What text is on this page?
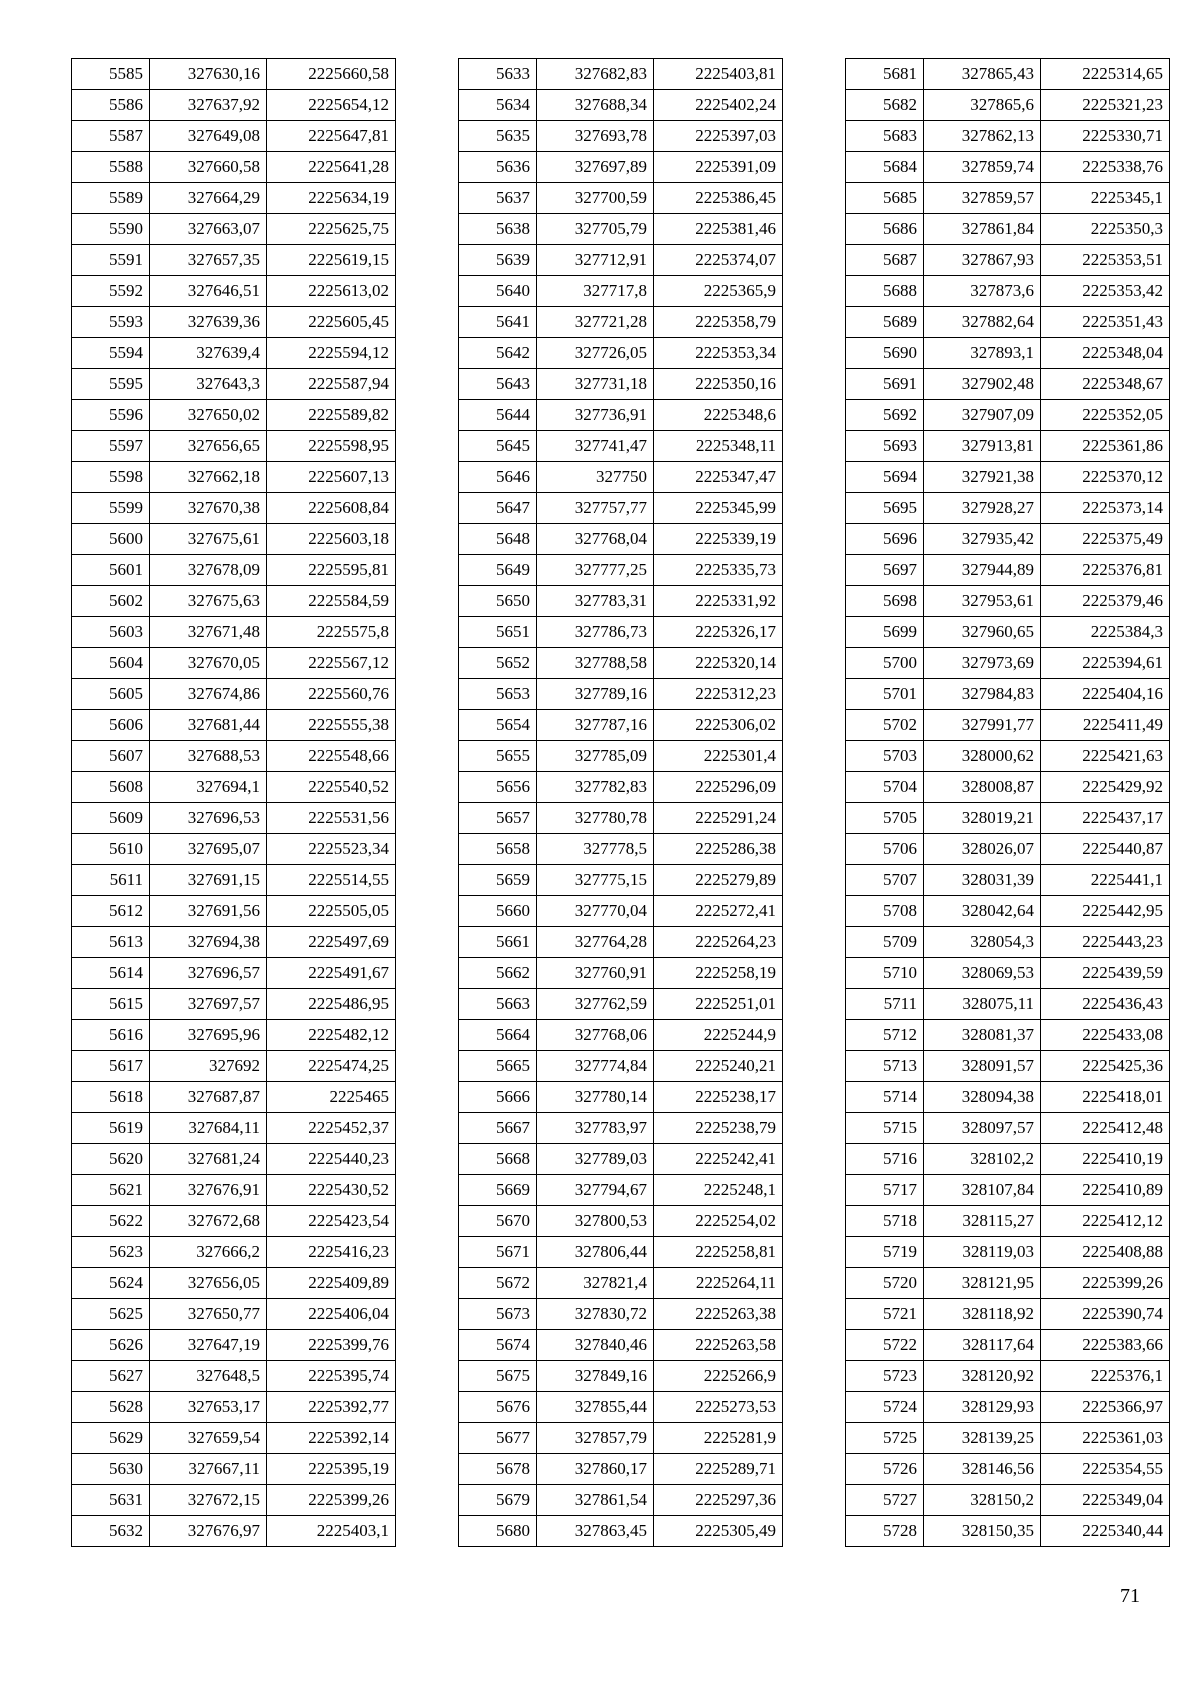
5585	327630,16	2225660,58
5586	327637,92	2225654,12
5587	327649,08	2225647,81
5588	327660,58	2225641,28
5589	327664,29	2225634,19
5590	327663,07	2225625,75
5591	327657,35	2225619,15
5592	327646,51	2225613,02
5593	327639,36	2225605,45
5594	327639,4	2225594,12
5595	327643,3	2225587,94
5596	327650,02	2225589,82
5597	327656,65	2225598,95
5598	327662,18	2225607,13
5599	327670,38	2225608,84
5600	327675,61	2225603,18
5601	327678,09	2225595,81
5602	327675,63	2225584,59
5603	327671,48	2225575,8
5604	327670,05	2225567,12
5605	327674,86	2225560,76
5606	327681,44	2225555,38
5607	327688,53	2225548,66
5608	327694,1	2225540,52
5609	327696,53	2225531,56
5610	327695,07	2225523,34
5611	327691,15	2225514,55
5612	327691,56	2225505,05
5613	327694,38	2225497,69
5614	327696,57	2225491,67
5615	327697,57	2225486,95
5616	327695,96	2225482,12
5617	327692	2225474,25
5618	327687,87	2225465
5619	327684,11	2225452,37
5620	327681,24	2225440,23
5621	327676,91	2225430,52
5622	327672,68	2225423,54
5623	327666,2	2225416,23
5624	327656,05	2225409,89
5625	327650,77	2225406,04
5626	327647,19	2225399,76
5627	327648,5	2225395,74
5628	327653,17	2225392,77
5629	327659,54	2225392,14
5630	327667,11	2225395,19
5631	327672,15	2225399,26
5632	327676,97	2225403,1
5633	327682,83	2225403,81
5634	327688,34	2225402,24
5635	327693,78	2225397,03
5636	327697,89	2225391,09
5637	327700,59	2225386,45
5638	327705,79	2225381,46
5639	327712,91	2225374,07
5640	327717,8	2225365,9
5641	327721,28	2225358,79
5642	327726,05	2225353,34
5643	327731,18	2225350,16
5644	327736,91	2225348,6
5645	327741,47	2225348,11
5646	327750	2225347,47
5647	327757,77	2225345,99
5648	327768,04	2225339,19
5649	327777,25	2225335,73
5650	327783,31	2225331,92
5651	327786,73	2225326,17
5652	327788,58	2225320,14
5653	327789,16	2225312,23
5654	327787,16	2225306,02
5655	327785,09	2225301,4
5656	327782,83	2225296,09
5657	327780,78	2225291,24
5658	327778,5	2225286,38
5659	327775,15	2225279,89
5660	327770,04	2225272,41
5661	327764,28	2225264,23
5662	327760,91	2225258,19
5663	327762,59	2225251,01
5664	327768,06	2225244,9
5665	327774,84	2225240,21
5666	327780,14	2225238,17
5667	327783,97	2225238,79
5668	327789,03	2225242,41
5669	327794,67	2225248,1
5670	327800,53	2225254,02
5671	327806,44	2225258,81
5672	327821,4	2225264,11
5673	327830,72	2225263,38
5674	327840,46	2225263,58
5675	327849,16	2225266,9
5676	327855,44	2225273,53
5677	327857,79	2225281,9
5678	327860,17	2225289,71
5679	327861,54	2225297,36
5680	327863,45	2225305,49
5681	327865,43	2225314,65
5682	327865,6	2225321,23
5683	327862,13	2225330,71
5684	327859,74	2225338,76
5685	327859,57	2225345,1
5686	327861,84	2225350,3
5687	327867,93	2225353,51
5688	327873,6	2225353,42
5689	327882,64	2225351,43
5690	327893,1	2225348,04
5691	327902,48	2225348,67
5692	327907,09	2225352,05
5693	327913,81	2225361,86
5694	327921,38	2225370,12
5695	327928,27	2225373,14
5696	327935,42	2225375,49
5697	327944,89	2225376,81
5698	327953,61	2225379,46
5699	327960,65	2225384,3
5700	327973,69	2225394,61
5701	327984,83	2225404,16
5702	327991,77	2225411,49
5703	328000,62	2225421,63
5704	328008,87	2225429,92
5705	328019,21	2225437,17
5706	328026,07	2225440,87
5707	328031,39	2225441,1
5708	328042,64	2225442,95
5709	328054,3	2225443,23
5710	328069,53	2225439,59
5711	328075,11	2225436,43
5712	328081,37	2225433,08
5713	328091,57	2225425,36
5714	328094,38	2225418,01
5715	328097,57	2225412,48
5716	328102,2	2225410,19
5717	328107,84	2225410,89
5718	328115,27	2225412,12
5719	328119,03	2225408,88
5720	328121,95	2225399,26
5721	328118,92	2225390,74
5722	328117,64	2225383,66
5723	328120,92	2225376,1
5724	328129,93	2225366,97
5725	328139,25	2225361,03
5726	328146,56	2225354,55
5727	328150,2	2225349,04
5728	328150,35	2225340,44
71
